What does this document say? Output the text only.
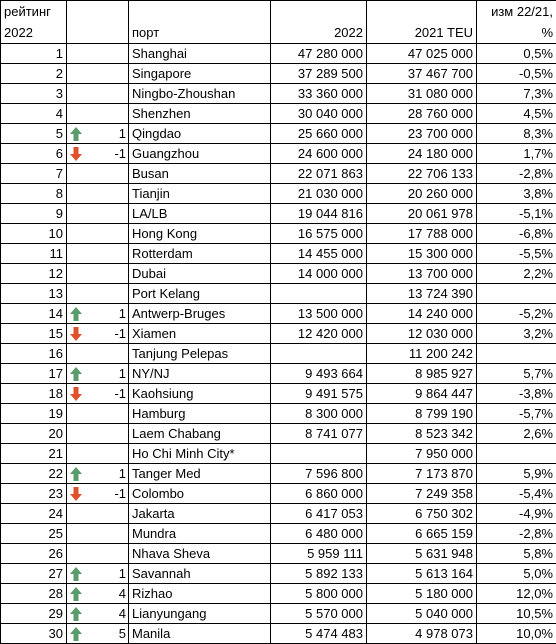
рейтинг					изм 22/21,
2022		порт	2022	2021 TEU	%
1		Shanghai	47 280 000	47 025 000	0,5%
2		Singapore	37 289 500	37 467 700	-0,5%
3		Ningbo-Zhoushan	33 360 000	31 080 000	7,3%
4		Shenzhen	30 040 000	28 760 000	4,5%
5	1	Qingdao	25 660 000	23 700 000	8,3%
6	-1	Guangzhou	24 600 000	24 180 000	1,7%
7		Busan	22 071 863	22 706 133	-2,8%
8		Tianjin	21 030 000	20 260 000	3,8%
9		LA/LB	19 044 816	20 061 978	-5,1%
10		Hong Kong	16 575 000	17 788 000	-6,8%
11		Rotterdam	14 455 000	15 300 000	-5,5%
12		Dubai	14 000 000	13 700 000	2,2%
13		Port Kelang		13 724 390	
14	1	Antwerp-Bruges	13 500 000	14 240 000	-5,2%
15	-1	Xiamen	12 420 000	12 030 000	3,2%
16		Tanjung Pelepas		11 200 242	
17	1	NY/NJ	9 493 664	8 985 927	5,7%
18	-1	Kaohsiung	9 491 575	9 864 447	-3,8%
19		Hamburg	8 300 000	8 799 190	-5,7%
20		Laem Chabang	8 741 077	8 523 342	2,6%
21		Ho Chi Minh City*		7 950 000	
22	1	Tanger Med	7 596 800	7 173 870	5,9%
23	-1	Colombo	6 860 000	7 249 358	-5,4%
24		Jakarta	6 417 053	6 750 302	-4,9%
25		Mundra	6 480 000	6 665 159	-2,8%
26		Nhava Sheva	5 959 111	5 631 948	5,8%
27	1	Savannah	5 892 133	5 613 164	5,0%
28	4	Rizhao	5 800 000	5 180 000	12,0%
29	4	Lianyungang	5 570 000	5 040 000	10,5%
30	5	Manila	5 474 483	4 978 073	10,0%
